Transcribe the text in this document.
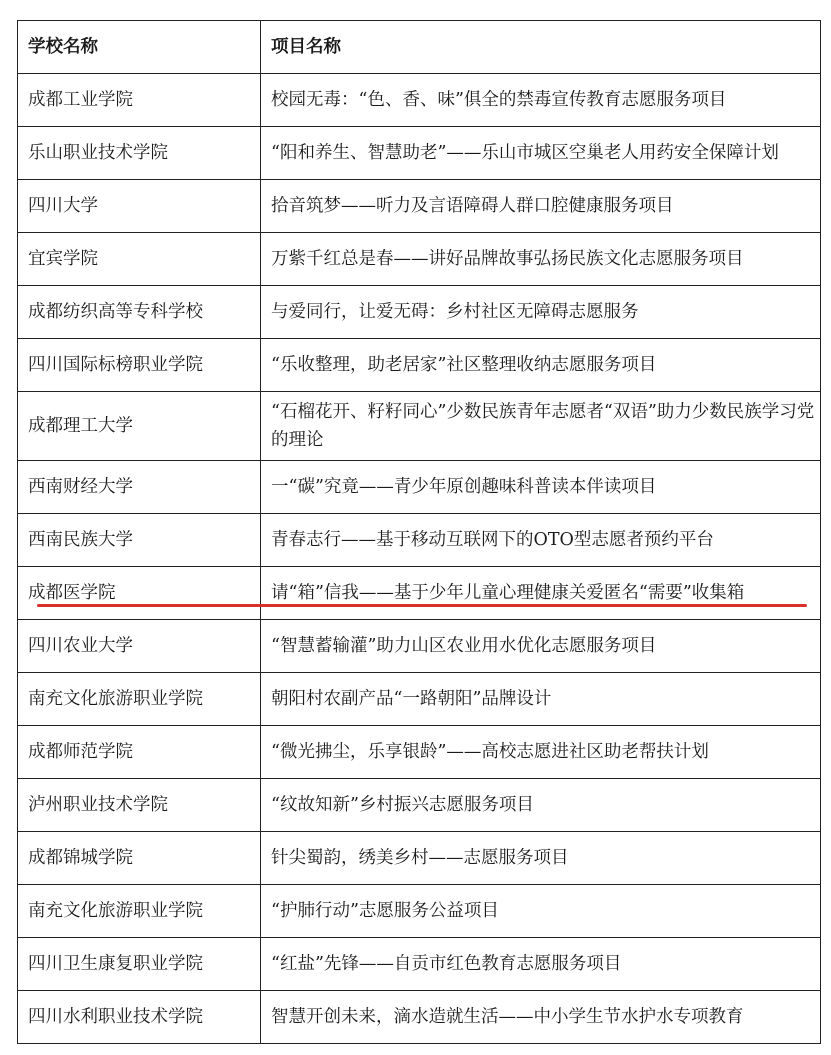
学校名称	项目名称
成都工业学院	校园无毒：“色、香、味”俱全的禁毒宣传教育志愿服务项目
乐山职业技术学院	“阳和养生、智慧助老”——乐山市城区空巢老人用药安全保障计划
四川大学	拾音筑梦——听力及言语障碍人群口腔健康服务项目
宜宾学院	万紫千红总是春——讲好品牌故事弘扬民族文化志愿服务项目
成都纺织高等专科学校	与爱同行，让爱无碍：乡村社区无障碍志愿服务
四川国际标榜职业学院	“乐收整理，助老居家”社区整理收纳志愿服务项目
成都理工大学	“石榴花开、籽籽同心”少数民族青年志愿者“双语”助力少数民族学习党的理论
西南财经大学	一“碳”究竟——青少年原创趣味科普读本伴读项目
西南民族大学	青春志行——基于移动互联网下的OTO型志愿者预约平台
成都医学院	请“箱”信我——基于少年儿童心理健康关爱匿名“需要”收集箱
四川农业大学	“智慧蓄输灌”助力山区农业用水优化志愿服务项目
南充文化旅游职业学院	朝阳村农副产品“一路朝阳”品牌设计
成都师范学院	“微光拂尘，乐享银龄”——高校志愿进社区助老帮扶计划
泸州职业技术学院	“纹故知新”乡村振兴志愿服务项目
成都锦城学院	针尖蜀韵，绣美乡村——志愿服务项目
南充文化旅游职业学院	“护肺行动”志愿服务公益项目
四川卫生康复职业学院	“红盐”先锋——自贡市红色教育志愿服务项目
四川水利职业技术学院	智慧开创未来，滴水造就生活——中小学生节水护水专项教育
